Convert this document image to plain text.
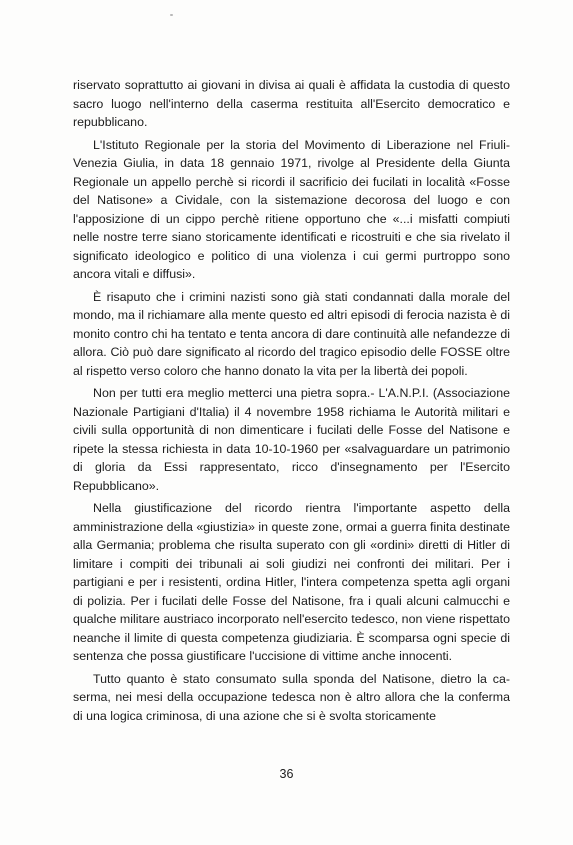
riservato soprattutto ai giovani in divisa ai quali è affidata la custodia di questo sacro luogo nell'interno della caserma restituita all'Esercito democratico e repubblicano.

L'Istituto Regionale per la storia del Movimento di Liberazione nel Friuli-Venezia Giulia, in data 18 gennaio 1971, rivolge al Presidente della Giunta Regionale un appello perchè si ricordi il sacrificio dei fucilati in località «Fosse del Natisone» a Cividale, con la sistemazione decorosa del luogo e con l'apposizione di un cippo perchè ritiene opportuno che «...i misfatti compiuti nelle nostre terre siano storicamente identificati e ricostruiti e che sia rivelato il significato ideologico e politico di una violenza i cui germi purtroppo sono ancora vitali e diffusi».

È risaputo che i crimini nazisti sono già stati condannati dalla morale del mondo, ma il richiamare alla mente questo ed altri episodi di ferocia nazista è di monito contro chi ha tentato e tenta ancora di dare continuità alle nefandezze di allora. Ciò può dare significato al ricordo del tragico episodio delle FOSSE oltre al rispetto verso coloro che hanno donato la vita per la libertà dei popoli.

Non per tutti era meglio metterci una pietra sopra.- L'A.N.P.I. (Associazione Nazionale Partigiani d'Italia) il 4 novembre 1958 richiama le Autorità militari e civili sulla opportunità di non dimenticare i fucilati delle Fosse del Natisone e ripete la stessa richiesta in data 10-10-1960 per «salvaguardare un patrimonio di gloria da Essi rappresentato, ricco d'insegnamento per l'Esercito Repubblicano».

Nella giustificazione del ricordo rientra l'importante aspetto della amministrazione della «giustizia» in queste zone, ormai a guerra finita destinate alla Germania; problema che risulta superato con gli «ordini» diretti di Hitler di limitare i compiti dei tribunali ai soli giudizi nei confronti dei militari. Per i partigiani e per i resistenti, ordina Hitler, l'intera competenza spetta agli organi di polizia. Per i fucilati delle Fosse del Natisone, fra i quali alcuni calmucchi e qualche militare austriaco incorporato nell'esercito tedesco, non viene rispettato neanche il limite di questa competenza giudiziaria. È scomparsa ogni specie di sentenza che possa giustificare l'uccisione di vittime anche innocenti.

Tutto quanto è stato consumato sulla sponda del Natisone, dietro la caserma, nei mesi della occupazione tedesca non è altro allora che la conferma di una logica criminosa, di una azione che si è svolta storicamente

36
